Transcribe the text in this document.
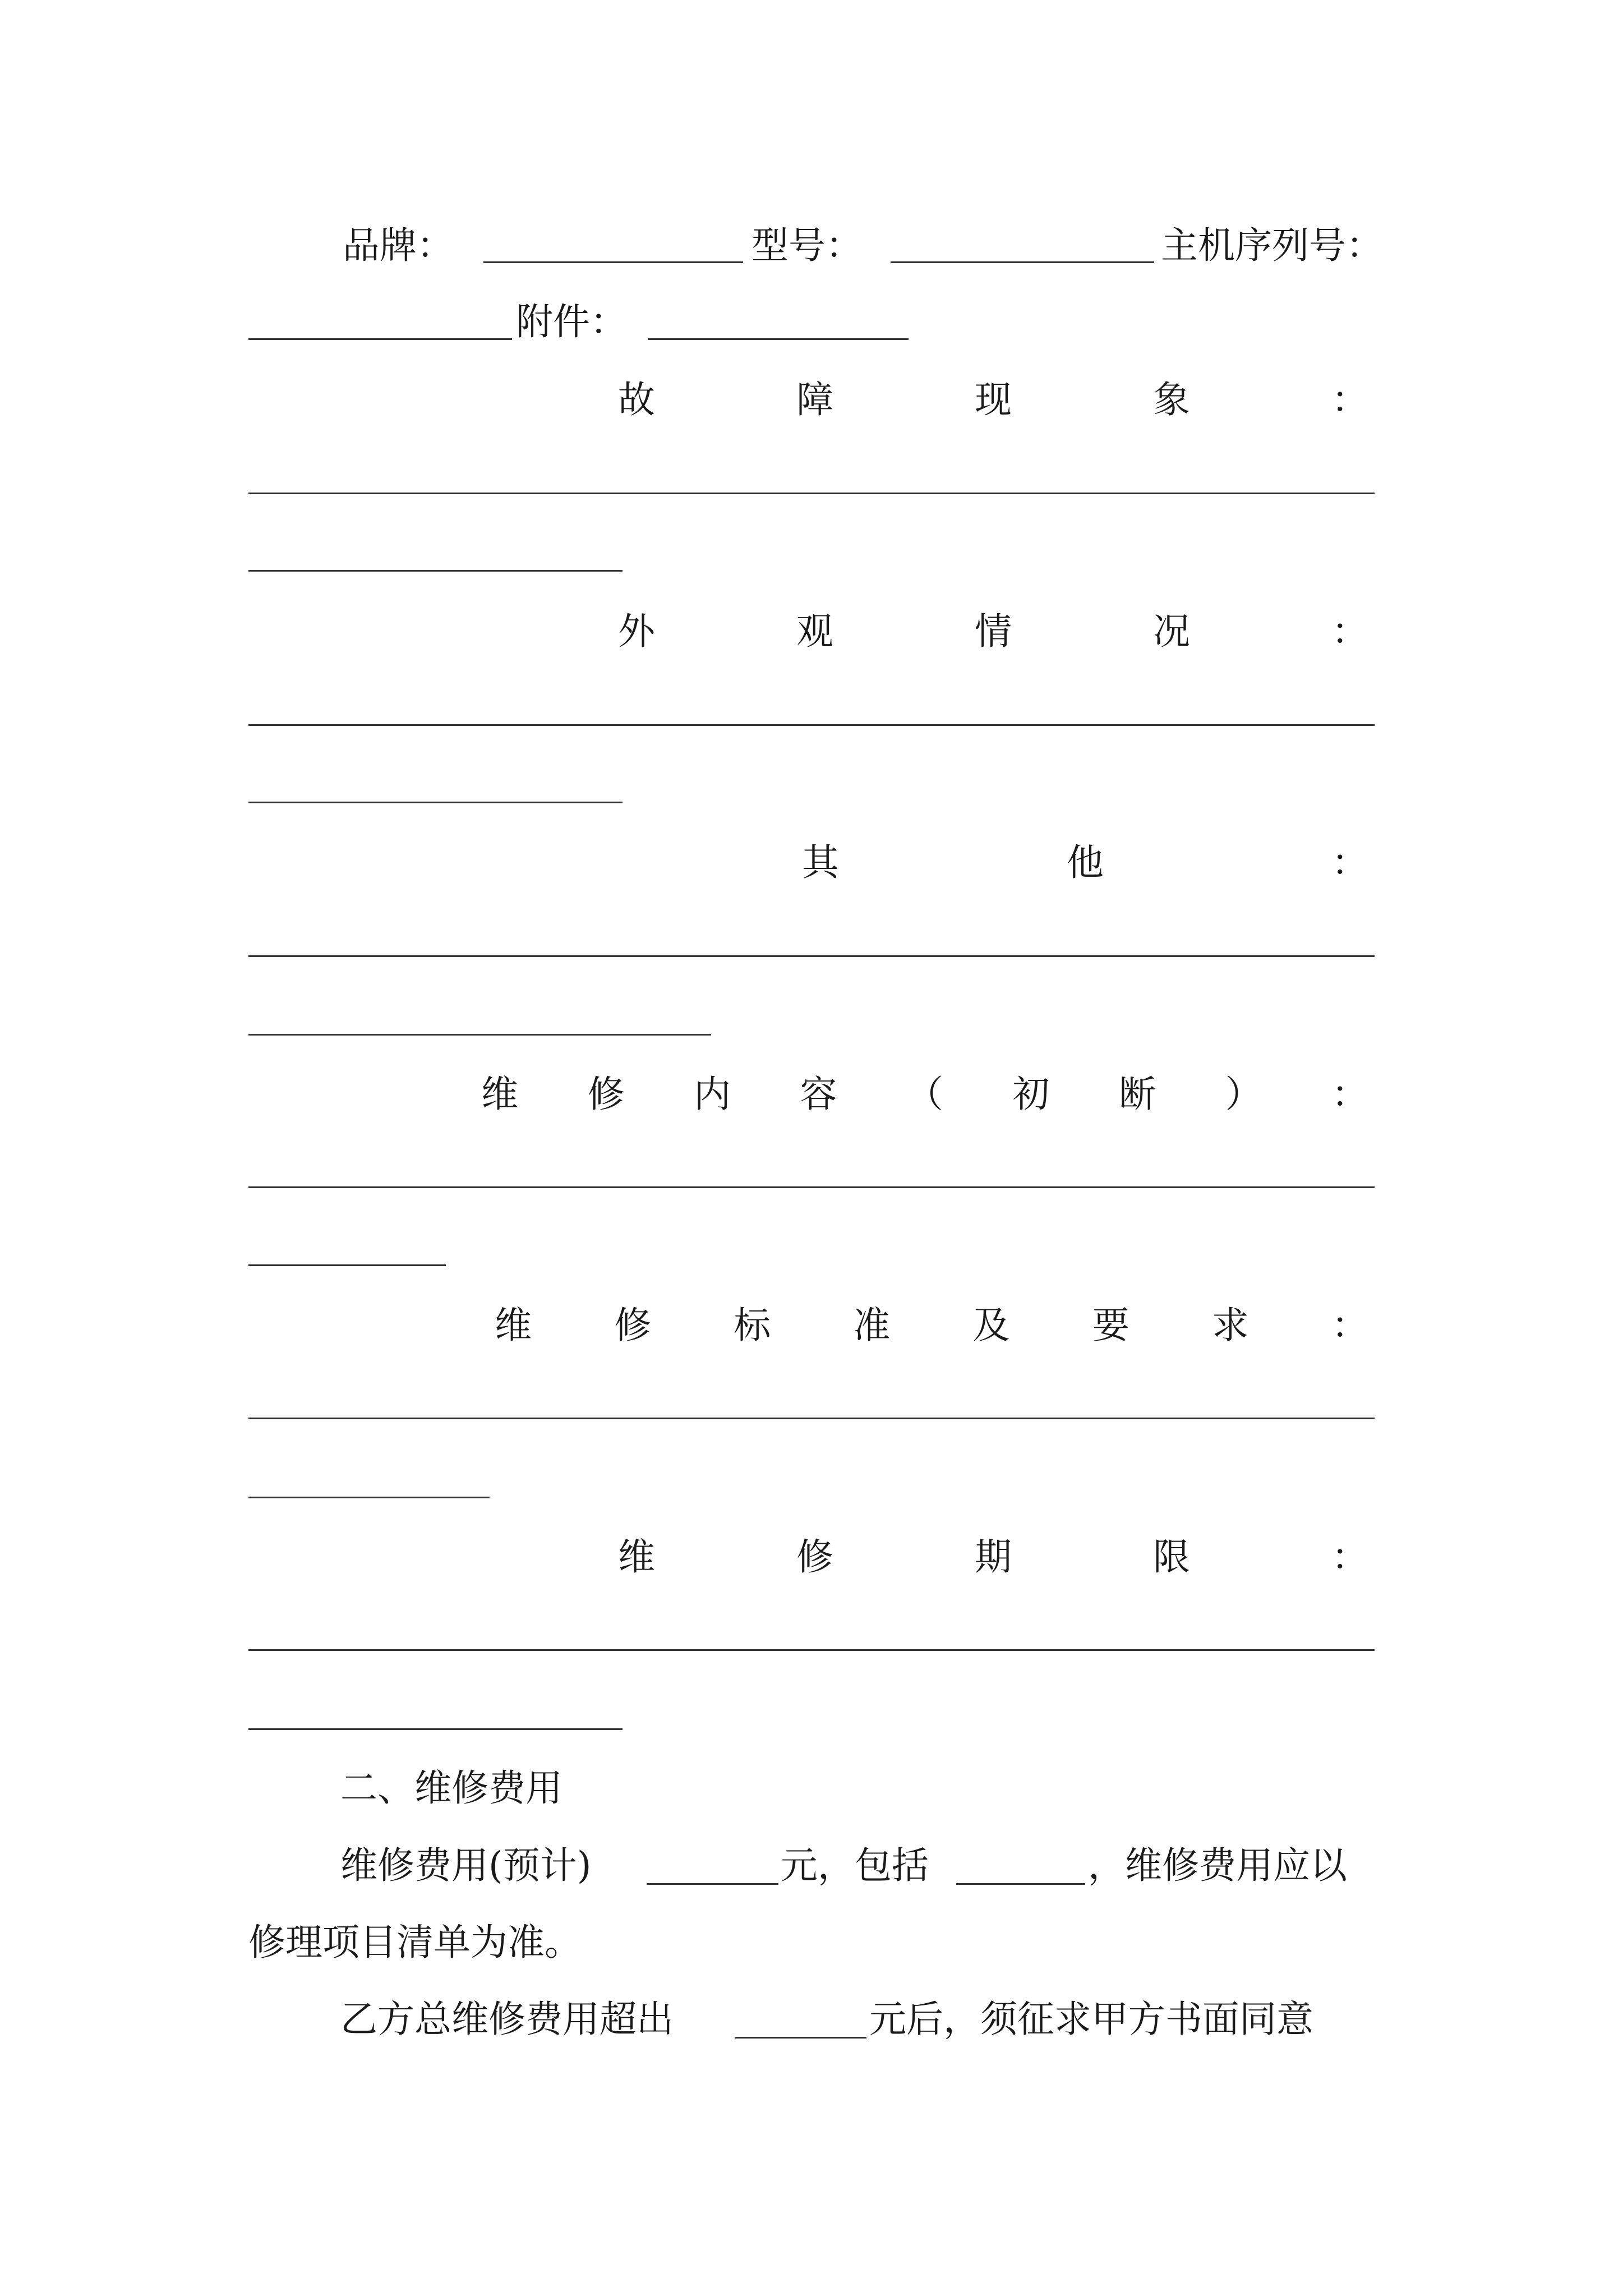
品牌：	型号：	主机序列号：
附件：
故	障	现	象	：
外	观	情	况	：
其	他	：
维 修 内 容 （ 初 断 ） ：
维 修 标 准 及 要 求 ：
维	修	期	限	：
二、维修费用
维修费用(预计)	元，包括	，维修费用应以
修理项目清单为准。
乙方总维修费用超出	元后，须征求甲方书面同意
